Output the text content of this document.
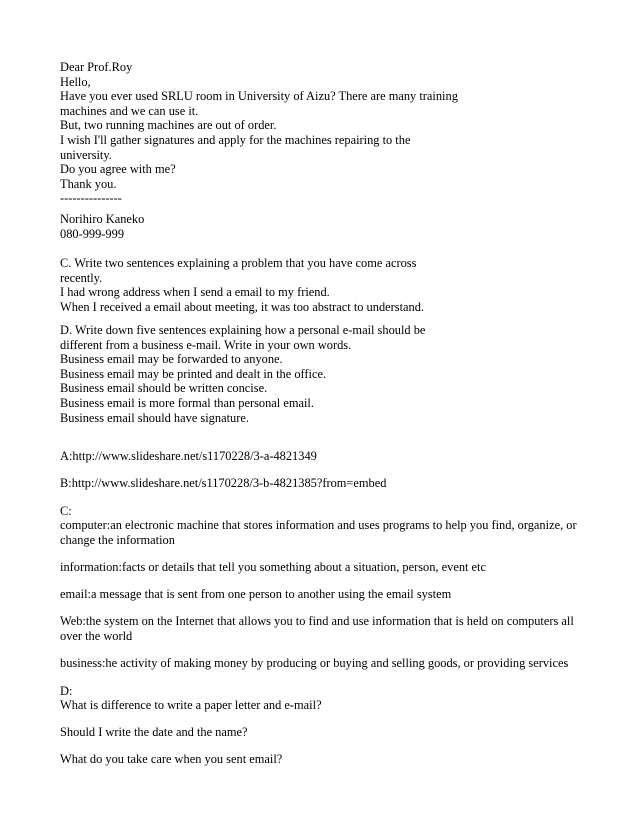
Dear Prof.Roy
Hello,
Have you ever used SRLU room in University of Aizu? There are many training
machines and we can use it.
But, two running machines are out of order.
I wish I'll gather signatures and apply for the machines repairing to the
university.
Do you agree with me?
Thank you.
---------------
Norihiro Kaneko
080-999-999
C. Write two sentences explaining a problem that you have come across
recently.
I had wrong address when I send a email to my friend.
When I received a email about meeting, it was too abstract to understand.
D. Write down five sentences explaining how a personal e-mail should be
different from a business e-mail. Write in your own words.
Business email may be forwarded to anyone.
Business email may be printed and dealt in the office.
Business email should be written concise.
Business email is more formal than personal email.
Business email should have signature.
A:http://www.slideshare.net/s1170228/3-a-4821349
B:http://www.slideshare.net/s1170228/3-b-4821385?from=embed
C:
computer:an electronic machine that stores information and uses programs to help you find, organize, or change the information
information:facts or details that tell you something about a situation, person, event etc
email:a message that is sent from one person to another using the email system
Web:the system on the Internet that allows you to find and use information that is held on computers all over the world
business:he activity of making money by producing or buying and selling goods, or providing services
D:
What is difference to write a paper letter and e-mail?
Should I write the date and the name?
What do you take care when you sent email?
